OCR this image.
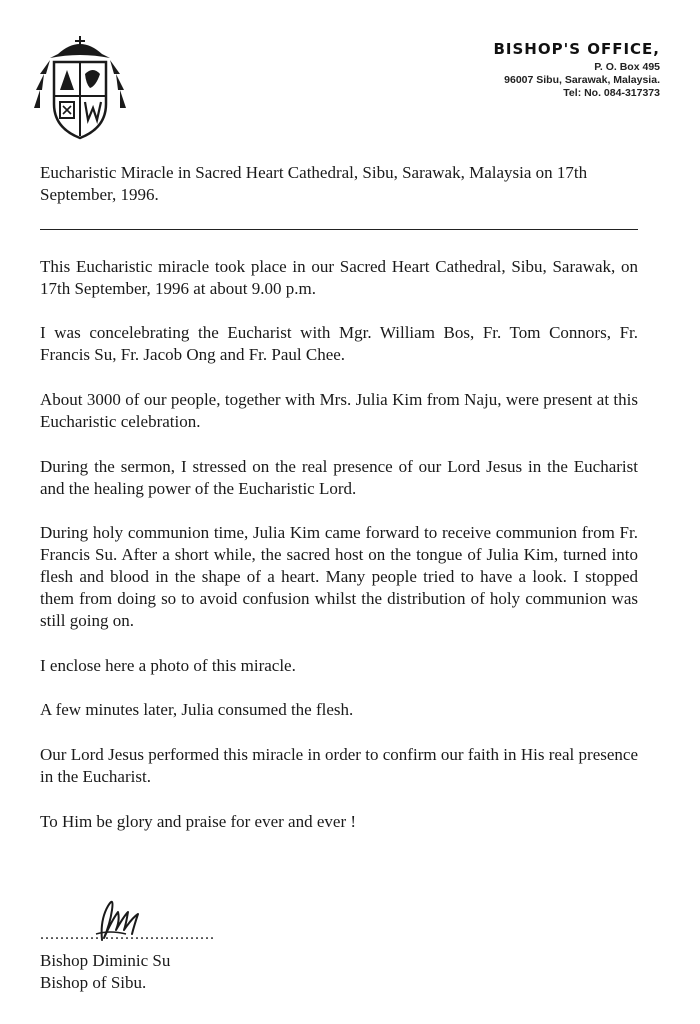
BISHOP'S OFFICE,
P. O. Box 495
96007 Sibu, Sarawak, Malaysia.
Tel: No. 084-317373
Eucharistic Miracle in Sacred Heart Cathedral, Sibu, Sarawak, Malaysia on 17th September, 1996.

This Eucharistic miracle took place in our Sacred Heart Cathedral, Sibu, Sarawak, on 17th September, 1996 at about 9.00 p.m.

I was concelebrating the Eucharist with Mgr. William Bos, Fr. Tom Connors, Fr. Francis Su, Fr. Jacob Ong and Fr. Paul Chee.

About 3000 of our people, together with Mrs. Julia Kim from Naju, were present at this Eucharistic celebration.

During the sermon, I stressed on the real presence of our Lord Jesus in the Eucharist and the healing power of the Eucharistic Lord.

During holy communion time, Julia Kim came forward to receive communion from Fr. Francis Su. After a short while, the sacred host on the tongue of Julia Kim, turned into flesh and blood in the shape of a heart. Many people tried to have a look. I stopped them from doing so to avoid confusion whilst the distribution of holy communion was still going on.

I enclose here a photo of this miracle.

A few minutes later, Julia consumed the flesh.

Our Lord Jesus performed this miracle in order to confirm our faith in His real presence in the Eucharist.

To Him be glory and praise for ever and ever !

...................................
Bishop Diminic Su
Bishop of Sibu.
